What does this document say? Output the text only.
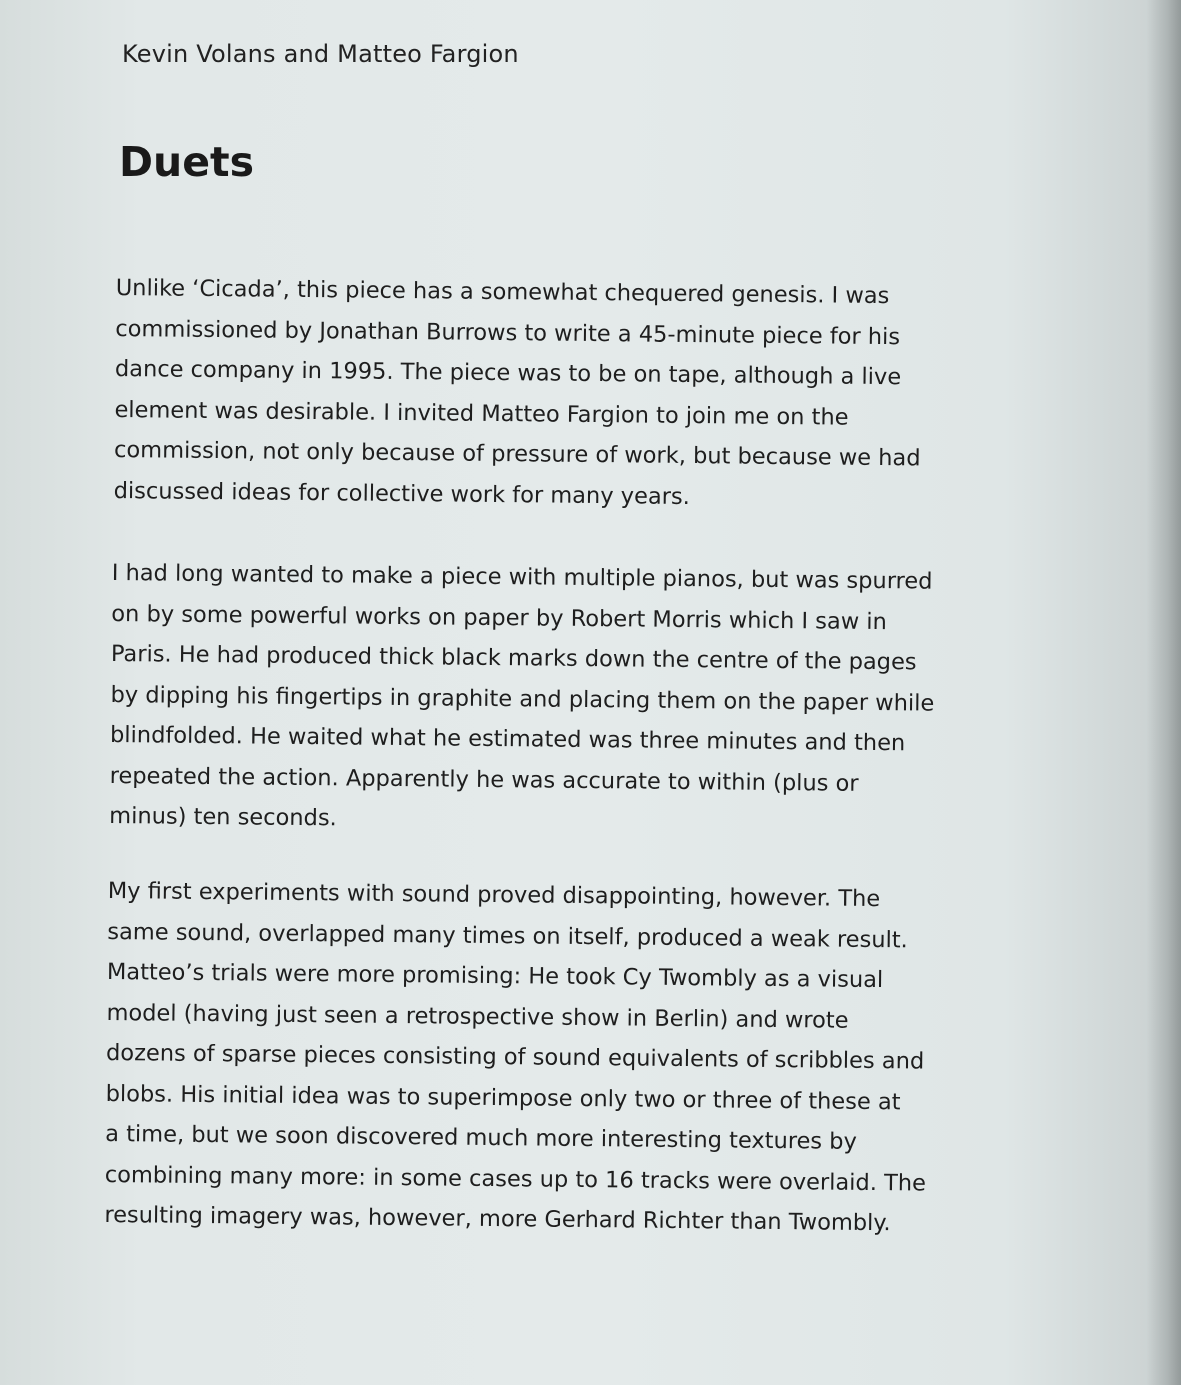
Kevin Volans and Matteo Fargion
Duets

Unlike ‘Cicada’, this piece has a somewhat chequered genesis. I was
commissioned by Jonathan Burrows to write a 45-minute piece for his
dance company in 1995. The piece was to be on tape, although a live
element was desirable. I invited Matteo Fargion to join me on the
commission, not only because of pressure of work, but because we had
discussed ideas for collective work for many years.

I had long wanted to make a piece with multiple pianos, but was spurred
on by some powerful works on paper by Robert Morris which I saw in
Paris. He had produced thick black marks down the centre of the pages
by dipping his fingertips in graphite and placing them on the paper while
blindfolded. He waited what he estimated was three minutes and then
repeated the action. Apparently he was accurate to within (plus or
minus) ten seconds.

My first experiments with sound proved disappointing, however. The
same sound, overlapped many times on itself, produced a weak result.
Matteo’s trials were more promising: He took Cy Twombly as a visual
model (having just seen a retrospective show in Berlin) and wrote
dozens of sparse pieces consisting of sound equivalents of scribbles and
blobs. His initial idea was to superimpose only two or three of these at
a time, but we soon discovered much more interesting textures by
combining many more: in some cases up to 16 tracks were overlaid. The
resulting imagery was, however, more Gerhard Richter than Twombly.
